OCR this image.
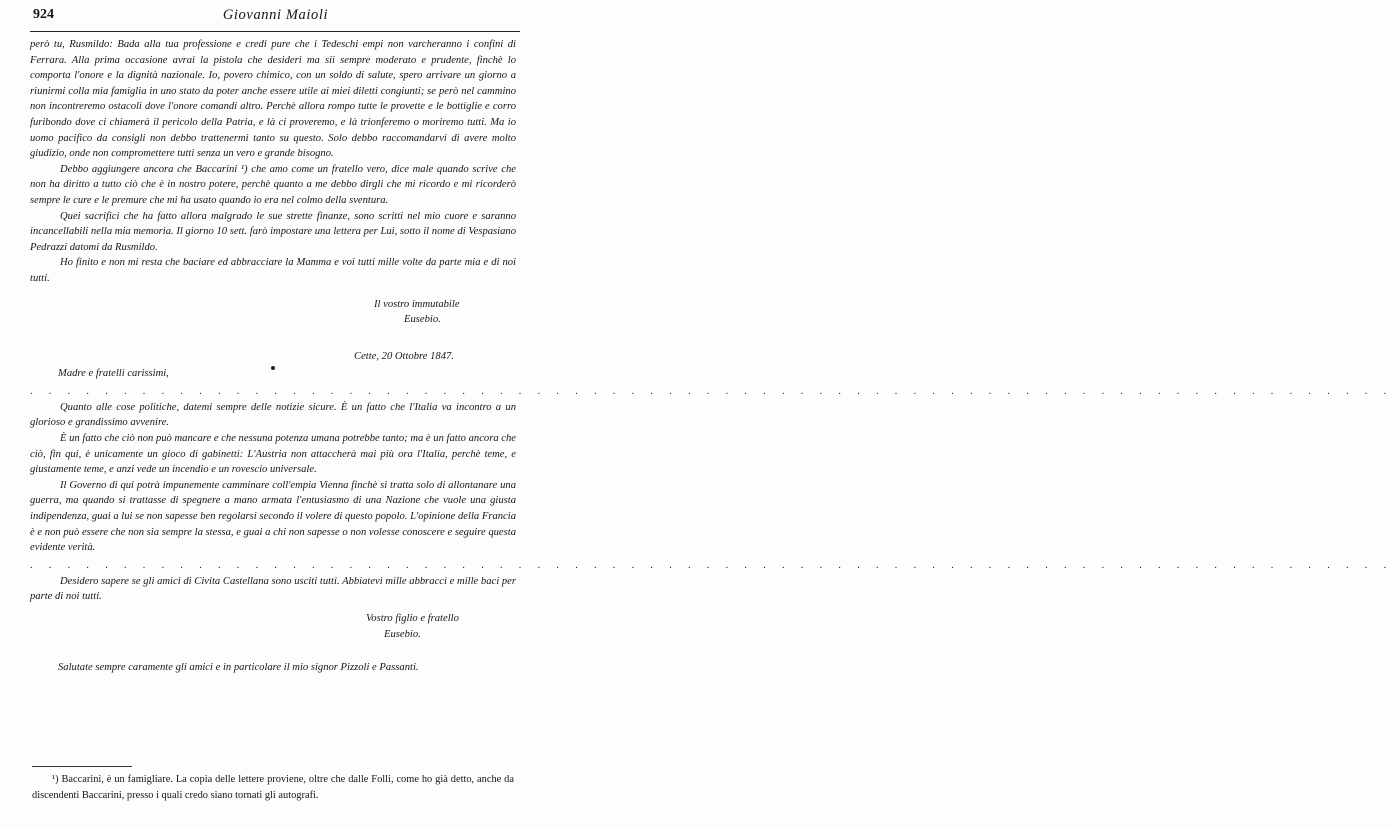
924	Giovanni Maioli

però tu, Rusmildo: Bada alla tua professione e credi pure che i Tedeschi empi non varcheranno i confini di Ferrara. Alla prima occasione avrai la pistola che desideri ma sii sempre moderato e prudente, finchè lo comporta l'onore e la dignità nazionale. Io, povero chimico, con un soldo di salute, spero arrivare un giorno a riunirmi colla mia famiglia in uno stato da poter anche essere utile ai miei diletti congiunti; se però nel cammino non incontreremo ostacoli dove l'onore comandi altro. Perchè allora rompo tutte le provette e le bottiglie e corro furibondo dove ci chiamerà il pericolo della Patria, e là ci proveremo, e là trionferemo o moriremo tutti. Ma io uomo pacifico da consigli non debbo trattenermi tanto su questo. Solo debbo raccomandarvi di avere molto giudizio, onde non compromettere tutti senza un vero e grande bisogno.

Debbo aggiungere ancora che Baccarini ¹) che amo come un fratello vero, dice male quando scrive che non ha diritto a tutto ciò che è in nostro potere, perchè quanto a me debbo dirgli che mi ricordo e mi ricorderò sempre le cure e le premure che mi ha usato quando io era nel colmo della sventura.

Quei sacrifici che ha fatto allora malgrado le sue strette finanze, sono scritti nel mio cuore e saranno incancellabili nella mia memoria. Il giorno 10 sett. farò impostare una lettera per Lui, sotto il nome di Vespasiano Pedrazzi datomi da Rusmildo.

Ho finito e non mi resta che baciare ed abbracciare la Mamma e voi tutti mille volte da parte mia e di noi tutti.

Il vostro immutabile
Eusebio.
Cette, 20 Ottobre 1847.
Madre e fratelli carissimi,
. . . . . . . . . . . . . . . . . . . . . . . . . . . . . . . . . . . . . . . . . . . . . . . . . . . . . . . . . . . . . . . . . . . . . . . . .

Quanto alle cose politiche, datemi sempre delle notizie sicure. È un fatto che l'Italia va incontro a un glorioso e grandissimo avvenire.

È un fatto che ciò non può mancare e che nessuna potenza umana potrebbe tanto; ma è un fatto ancora che ciò, fin qui, è unicamente un gioco di gabinetti: L'Austria non attaccherà mai più ora l'Italia, perchè teme, e giustamente teme, e anzi vede un incendio e un rovescio universale.

Il Governo di qui potrà impunemente camminare coll'empia Vienna finchè si tratta solo di allontanare una guerra, ma quando si trattasse di spegnere a mano armata l'entusiasmo di una Nazione che vuole una giusta indipendenza, guai a lui se non sapesse ben regolarsi secondo il volere di questo popolo. L'opinione della Francia è e non può essere che non sia sempre la stessa, e guai a chi non sapesse o non volesse conoscere e seguire questa evidente verità.

. . . . . . . . . . . . . . . . . . . . . . . . . . . . . . . . . . . . . . . . . . . . . . . . . . . . . . . . . . . . . . . . . . . . . . . . .

Desidero sapere se gli amici di Civita Castellana sono usciti tutti. Abbiatevi mille abbracci e mille baci per parte di noi tutti.

Vostro figlio e fratello
Eusebio.
Salutate sempre caramente gli amici e in particolare il mio signor Pizzoli e Passanti.

¹) Baccarini, è un famigliare. La copia delle lettere proviene, oltre che dalle Folli, come ho già detto, anche da discendenti Baccarini, presso i quali credo siano tornati gli autografi.
